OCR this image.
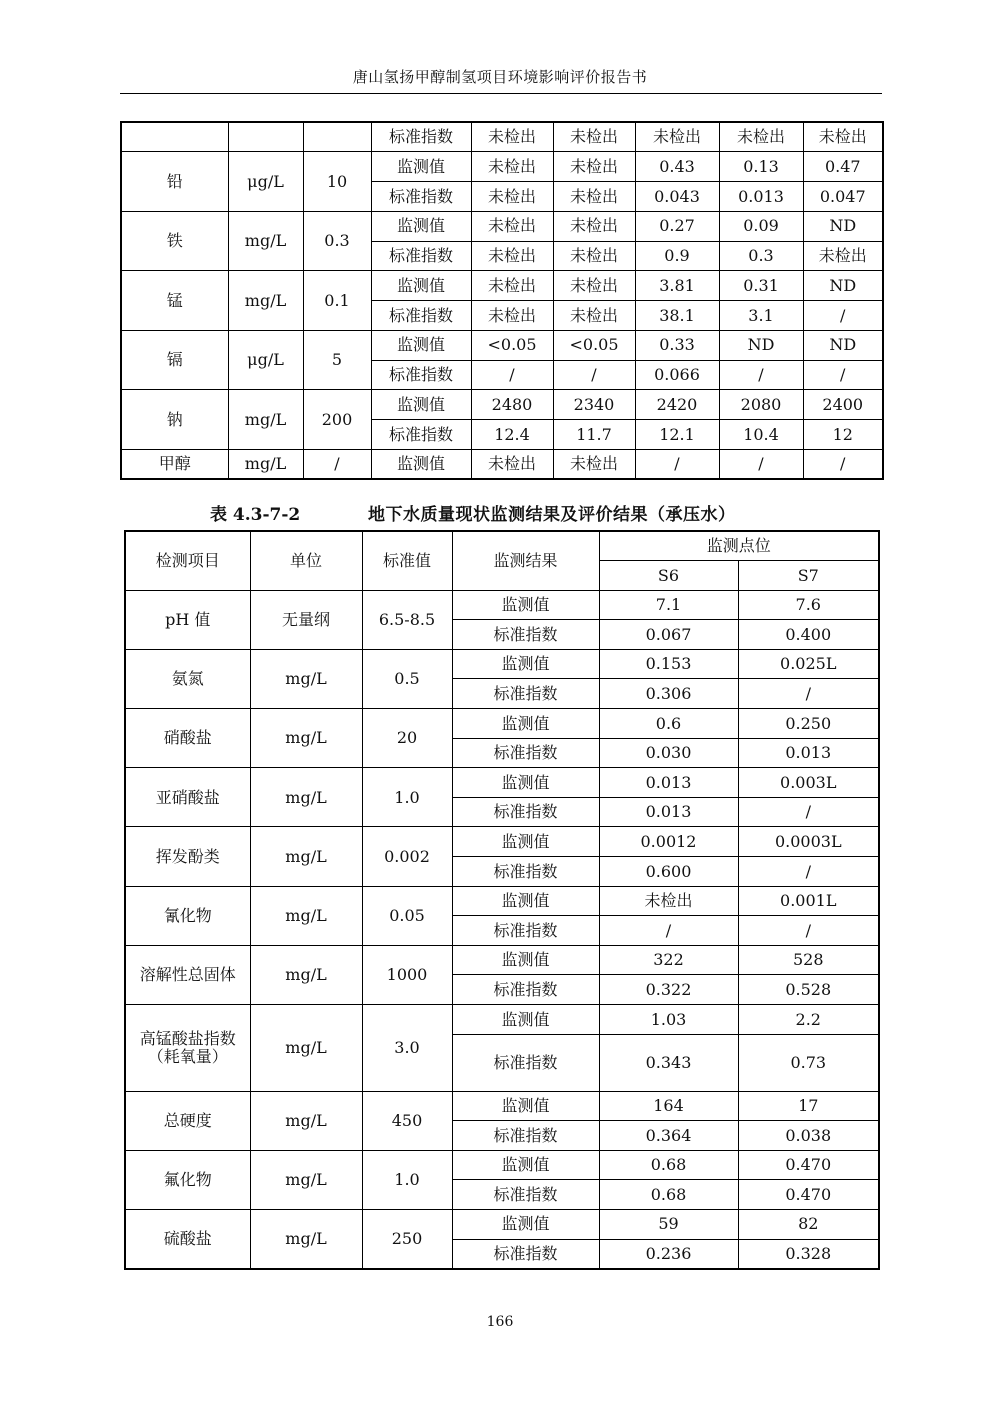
唐山氢扬甲醇制氢项目环境影响评价报告书
			标准指数	未检出	未检出	未检出	未检出	未检出
铅	μg/L	10	监测值	未检出	未检出	0.43	0.13	0.47
			标准指数	未检出	未检出	0.043	0.013	0.047
铁	mg/L	0.3	监测值	未检出	未检出	0.27	0.09	ND
			标准指数	未检出	未检出	0.9	0.3	未检出
锰	mg/L	0.1	监测值	未检出	未检出	3.81	0.31	ND
			标准指数	未检出	未检出	38.1	3.1	/
镉	μg/L	5	监测值	<0.05	<0.05	0.33	ND	ND
			标准指数	/	/	0.066	/	/
钠	mg/L	200	监测值	2480	2340	2420	2080	2400
			标准指数	12.4	11.7	12.1	10.4	12
甲醇	mg/L	/	监测值	未检出	未检出	/	/	/
表 4.3-7-2	地下水质量现状监测结果及评价结果（承压水）
检测项目	单位	标准值	监测结果	监测点位	
				S6	S7
pH 值	无量纲	6.5-8.5	监测值	7.1	7.6
			标准指数	0.067	0.400
氨氮	mg/L	0.5	监测值	0.153	0.025L
			标准指数	0.306	/
硝酸盐	mg/L	20	监测值	0.6	0.250
			标准指数	0.030	0.013
亚硝酸盐	mg/L	1.0	监测值	0.013	0.003L
			标准指数	0.013	/
挥发酚类	mg/L	0.002	监测值	0.0012	0.0003L
			标准指数	0.600	/
氰化物	mg/L	0.05	监测值	未检出	0.001L
			标准指数	/	/
溶解性总固体	mg/L	1000	监测值	322	528
			标准指数	0.322	0.528
高锰酸盐指数
（耗氧量）	mg/L	3.0	监测值	1.03	2.2
			标准指数	0.343	0.73
总硬度	mg/L	450	监测值	164	17
			标准指数	0.364	0.038
氟化物	mg/L	1.0	监测值	0.68	0.470
			标准指数	0.68	0.470
硫酸盐	mg/L	250	监测值	59	82
			标准指数	0.236	0.328
166
